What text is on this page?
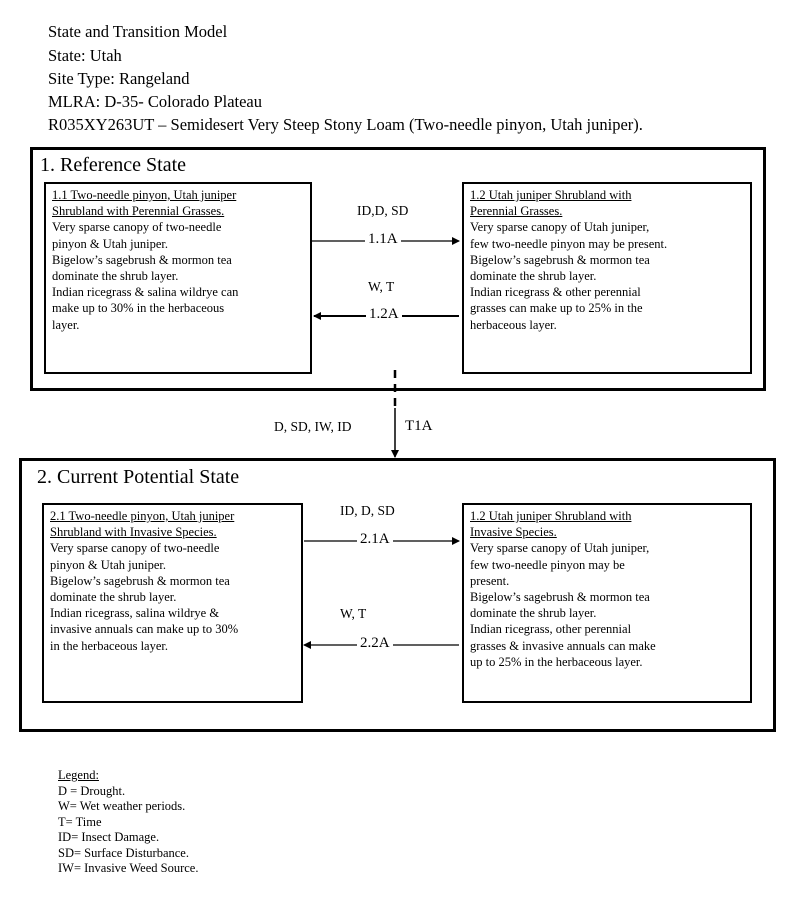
State and Transition Model
State: Utah
Site Type: Rangeland
MLRA: D-35- Colorado Plateau
R035XY263UT – Semidesert Very Steep Stony Loam (Two-needle pinyon, Utah juniper).
1. Reference State
1.1 Two-needle pinyon, Utah juniper
Shrubland with Perennial Grasses.
Very sparse canopy of two-needle
pinyon & Utah juniper.
Bigelow’s sagebrush & mormon tea
dominate the shrub layer.
Indian ricegrass & salina wildrye can
make up to 30% in the herbaceous
layer.
1.2 Utah juniper Shrubland with
Perennial Grasses.
Very sparse canopy of Utah juniper,
few two-needle pinyon may be present.
Bigelow’s sagebrush & mormon tea
dominate the shrub layer.
Indian ricegrass & other perennial
grasses can make up to 25% in the
herbaceous layer.
ID,D, SD
1.1A
W, T
1.2A
D, SD, IW, ID	T1A
2. Current Potential State
2.1 Two-needle pinyon, Utah juniper
Shrubland with Invasive Species.
Very sparse canopy of two-needle
pinyon & Utah juniper.
Bigelow’s sagebrush & mormon tea
dominate the shrub layer.
Indian ricegrass, salina wildrye &
invasive annuals can make up to 30%
in the herbaceous layer.
1.2 Utah juniper Shrubland with
Invasive Species.
Very sparse canopy of Utah juniper,
few two-needle pinyon may be
present.
Bigelow’s sagebrush & mormon tea
dominate the shrub layer.
Indian ricegrass, other perennial
grasses & invasive annuals can make
up to 25% in the herbaceous layer.
ID, D, SD
2.1A
W, T
2.2A
Legend:
D = Drought.
W= Wet weather periods.
T= Time
ID= Insect Damage.
SD= Surface Disturbance.
IW= Invasive Weed Source.
